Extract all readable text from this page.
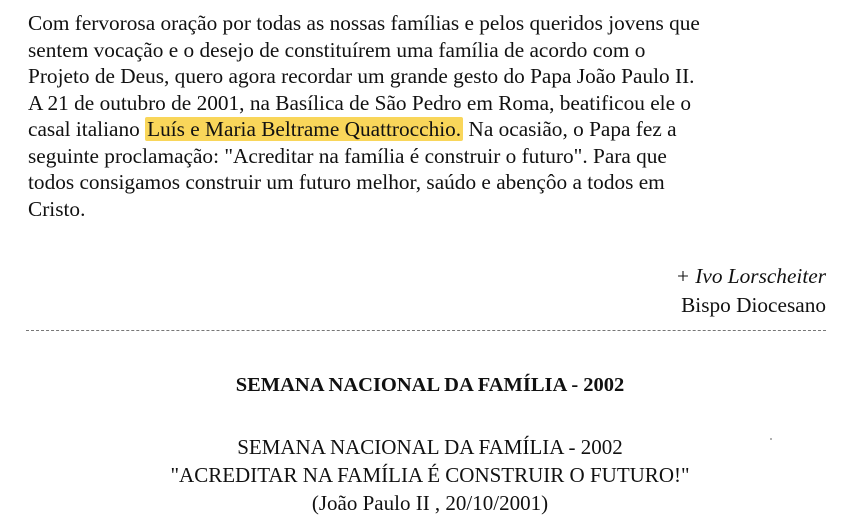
Com fervorosa oração por todas as nossas famílias e pelos queridos jovens que
sentem vocação e o desejo de constituírem uma família de acordo com o
Projeto de Deus, quero agora recordar um grande gesto do Papa João Paulo II.
A 21 de outubro de 2001, na Basílica de São Pedro em Roma, beatificou ele o
casal italiano Luís e Maria Beltrame Quattrocchio. Na ocasião, o Papa fez a
seguinte proclamação: "Acreditar na família é construir o futuro". Para que
todos consigamos construir um futuro melhor, saúdo e abençôo a todos em
Cristo.

+ Ivo Lorscheiter
Bispo Diocesano
SEMANA NACIONAL DA FAMÍLIA - 2002
SEMANA NACIONAL DA FAMÍLIA - 2002
"ACREDITAR NA FAMÍLIA É CONSTRUIR O FUTURO!"
(João Paulo II , 20/10/2001)
